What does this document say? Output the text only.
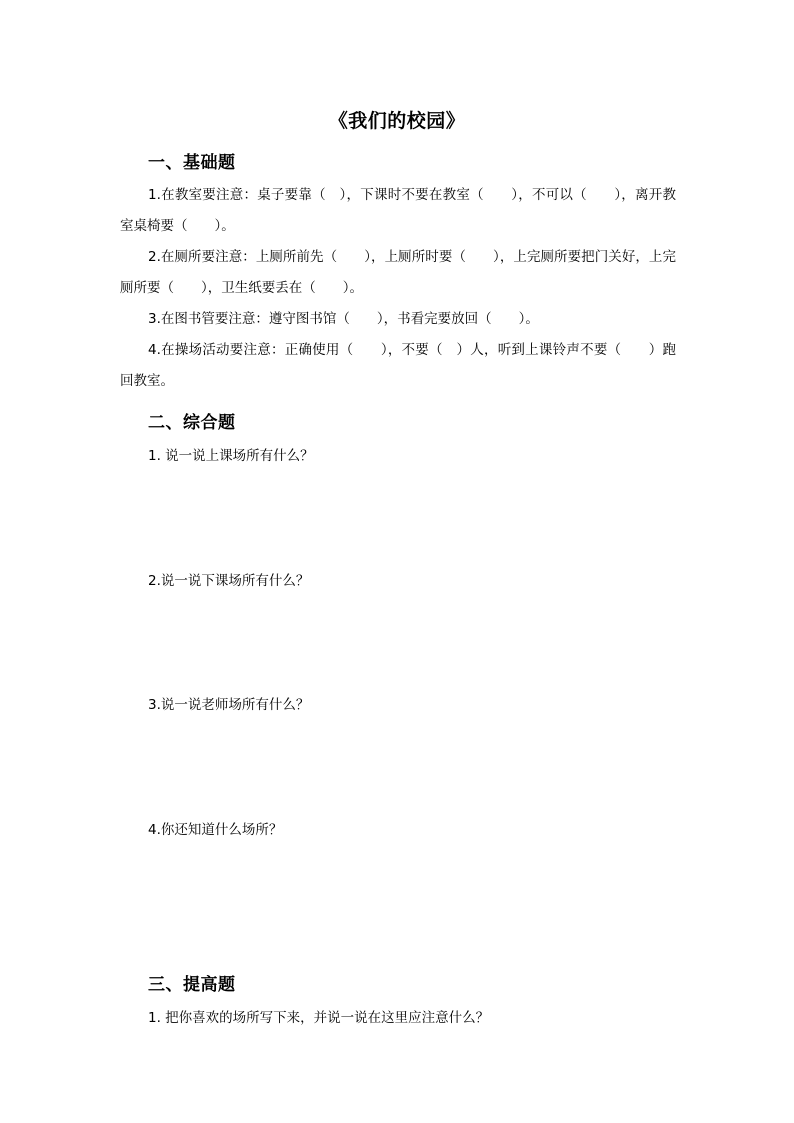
《我们的校园》
一、基础题
1.在教室要注意：桌子要靠（　），下课时不要在教室（　　），不可以（　　），离开教室桌椅要（　　）。
2.在厕所要注意：上厕所前先（　　），上厕所时要（　　），上完厕所要把门关好，上完厕所要（　　），卫生纸要丢在（　　）。
3.在图书管要注意：遵守图书馆（　　），书看完要放回（　　）。
4.在操场活动要注意：正确使用（　　），不要（　）人，听到上课铃声不要（　　）跑回教室。
二、综合题
1. 说一说上课场所有什么？
2.说一说下课场所有什么？
3.说一说老师场所有什么？
4.你还知道什么场所？
三、提高题
1. 把你喜欢的场所写下来，并说一说在这里应注意什么？
